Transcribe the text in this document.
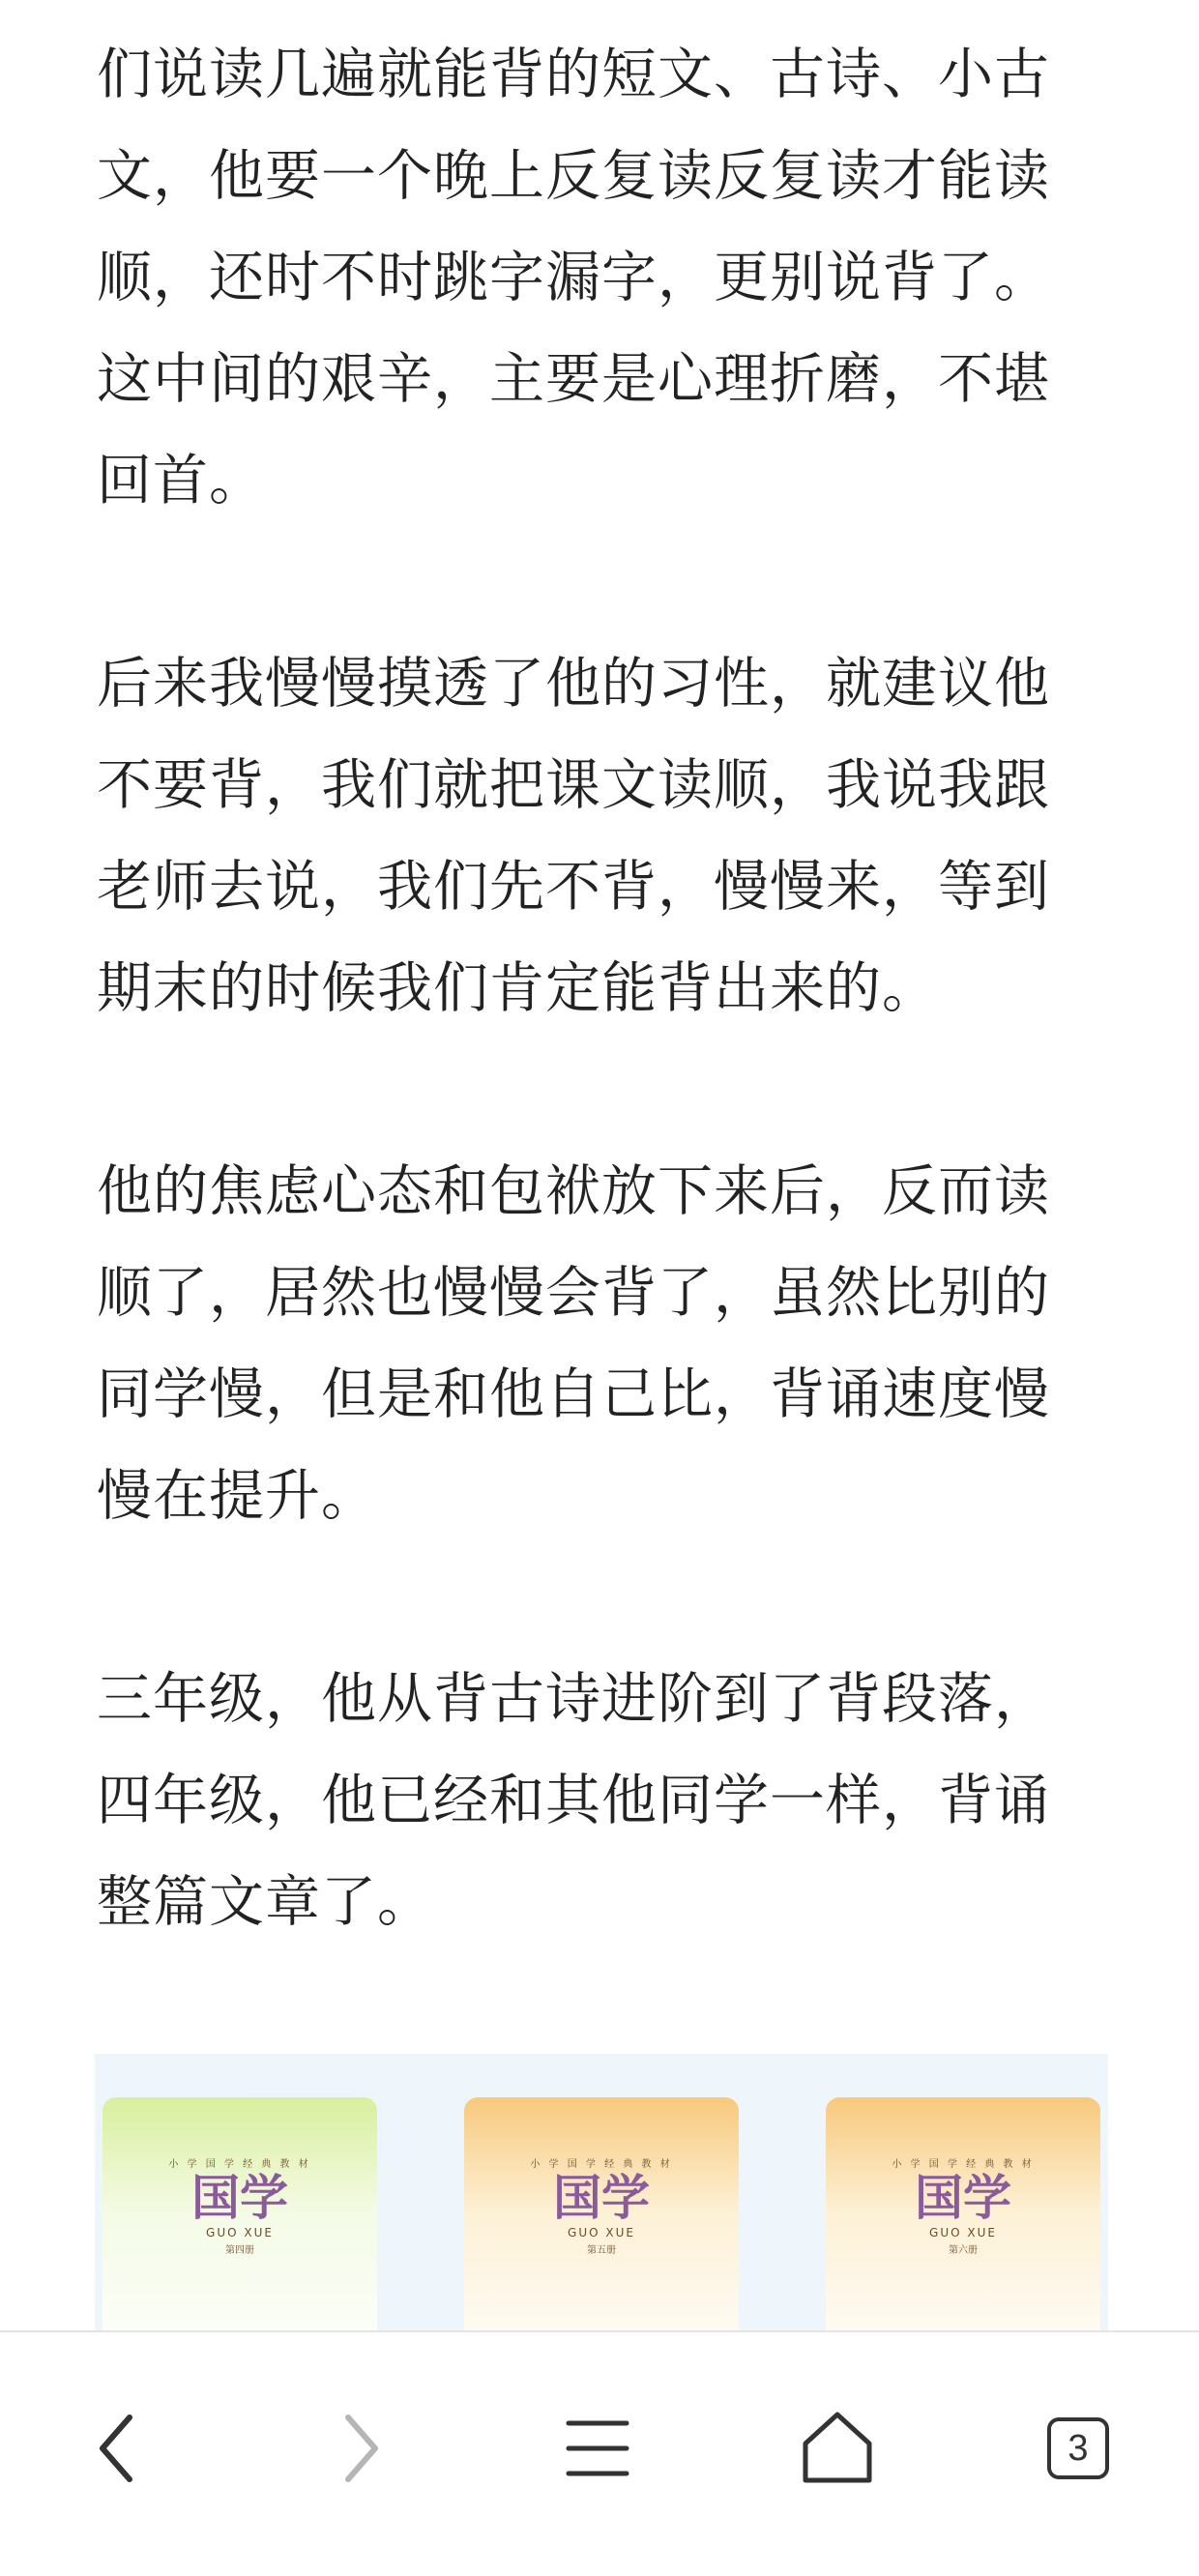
们说读几遍就能背的短文、古诗、小古
文，他要一个晚上反复读反复读才能读
顺，还时不时跳字漏字，更别说背了。
这中间的艰辛，主要是心理折磨，不堪
回首。
后来我慢慢摸透了他的习性，就建议他
不要背，我们就把课文读顺，我说我跟
老师去说，我们先不背，慢慢来，等到
期末的时候我们肯定能背出来的。
他的焦虑心态和包袱放下来后，反而读
顺了，居然也慢慢会背了，虽然比别的
同学慢，但是和他自己比，背诵速度慢
慢在提升。
三年级，他从背古诗进阶到了背段落，
四年级，他已经和其他同学一样，背诵
整篇文章了。
小 学 国 学 经 典 教 材
国学
GUO XUE
第四册
小 学 国 学 经 典 教 材
国学
GUO XUE
第五册
小 学 国 学 经 典 教 材
国学
GUO XUE
第六册
3
